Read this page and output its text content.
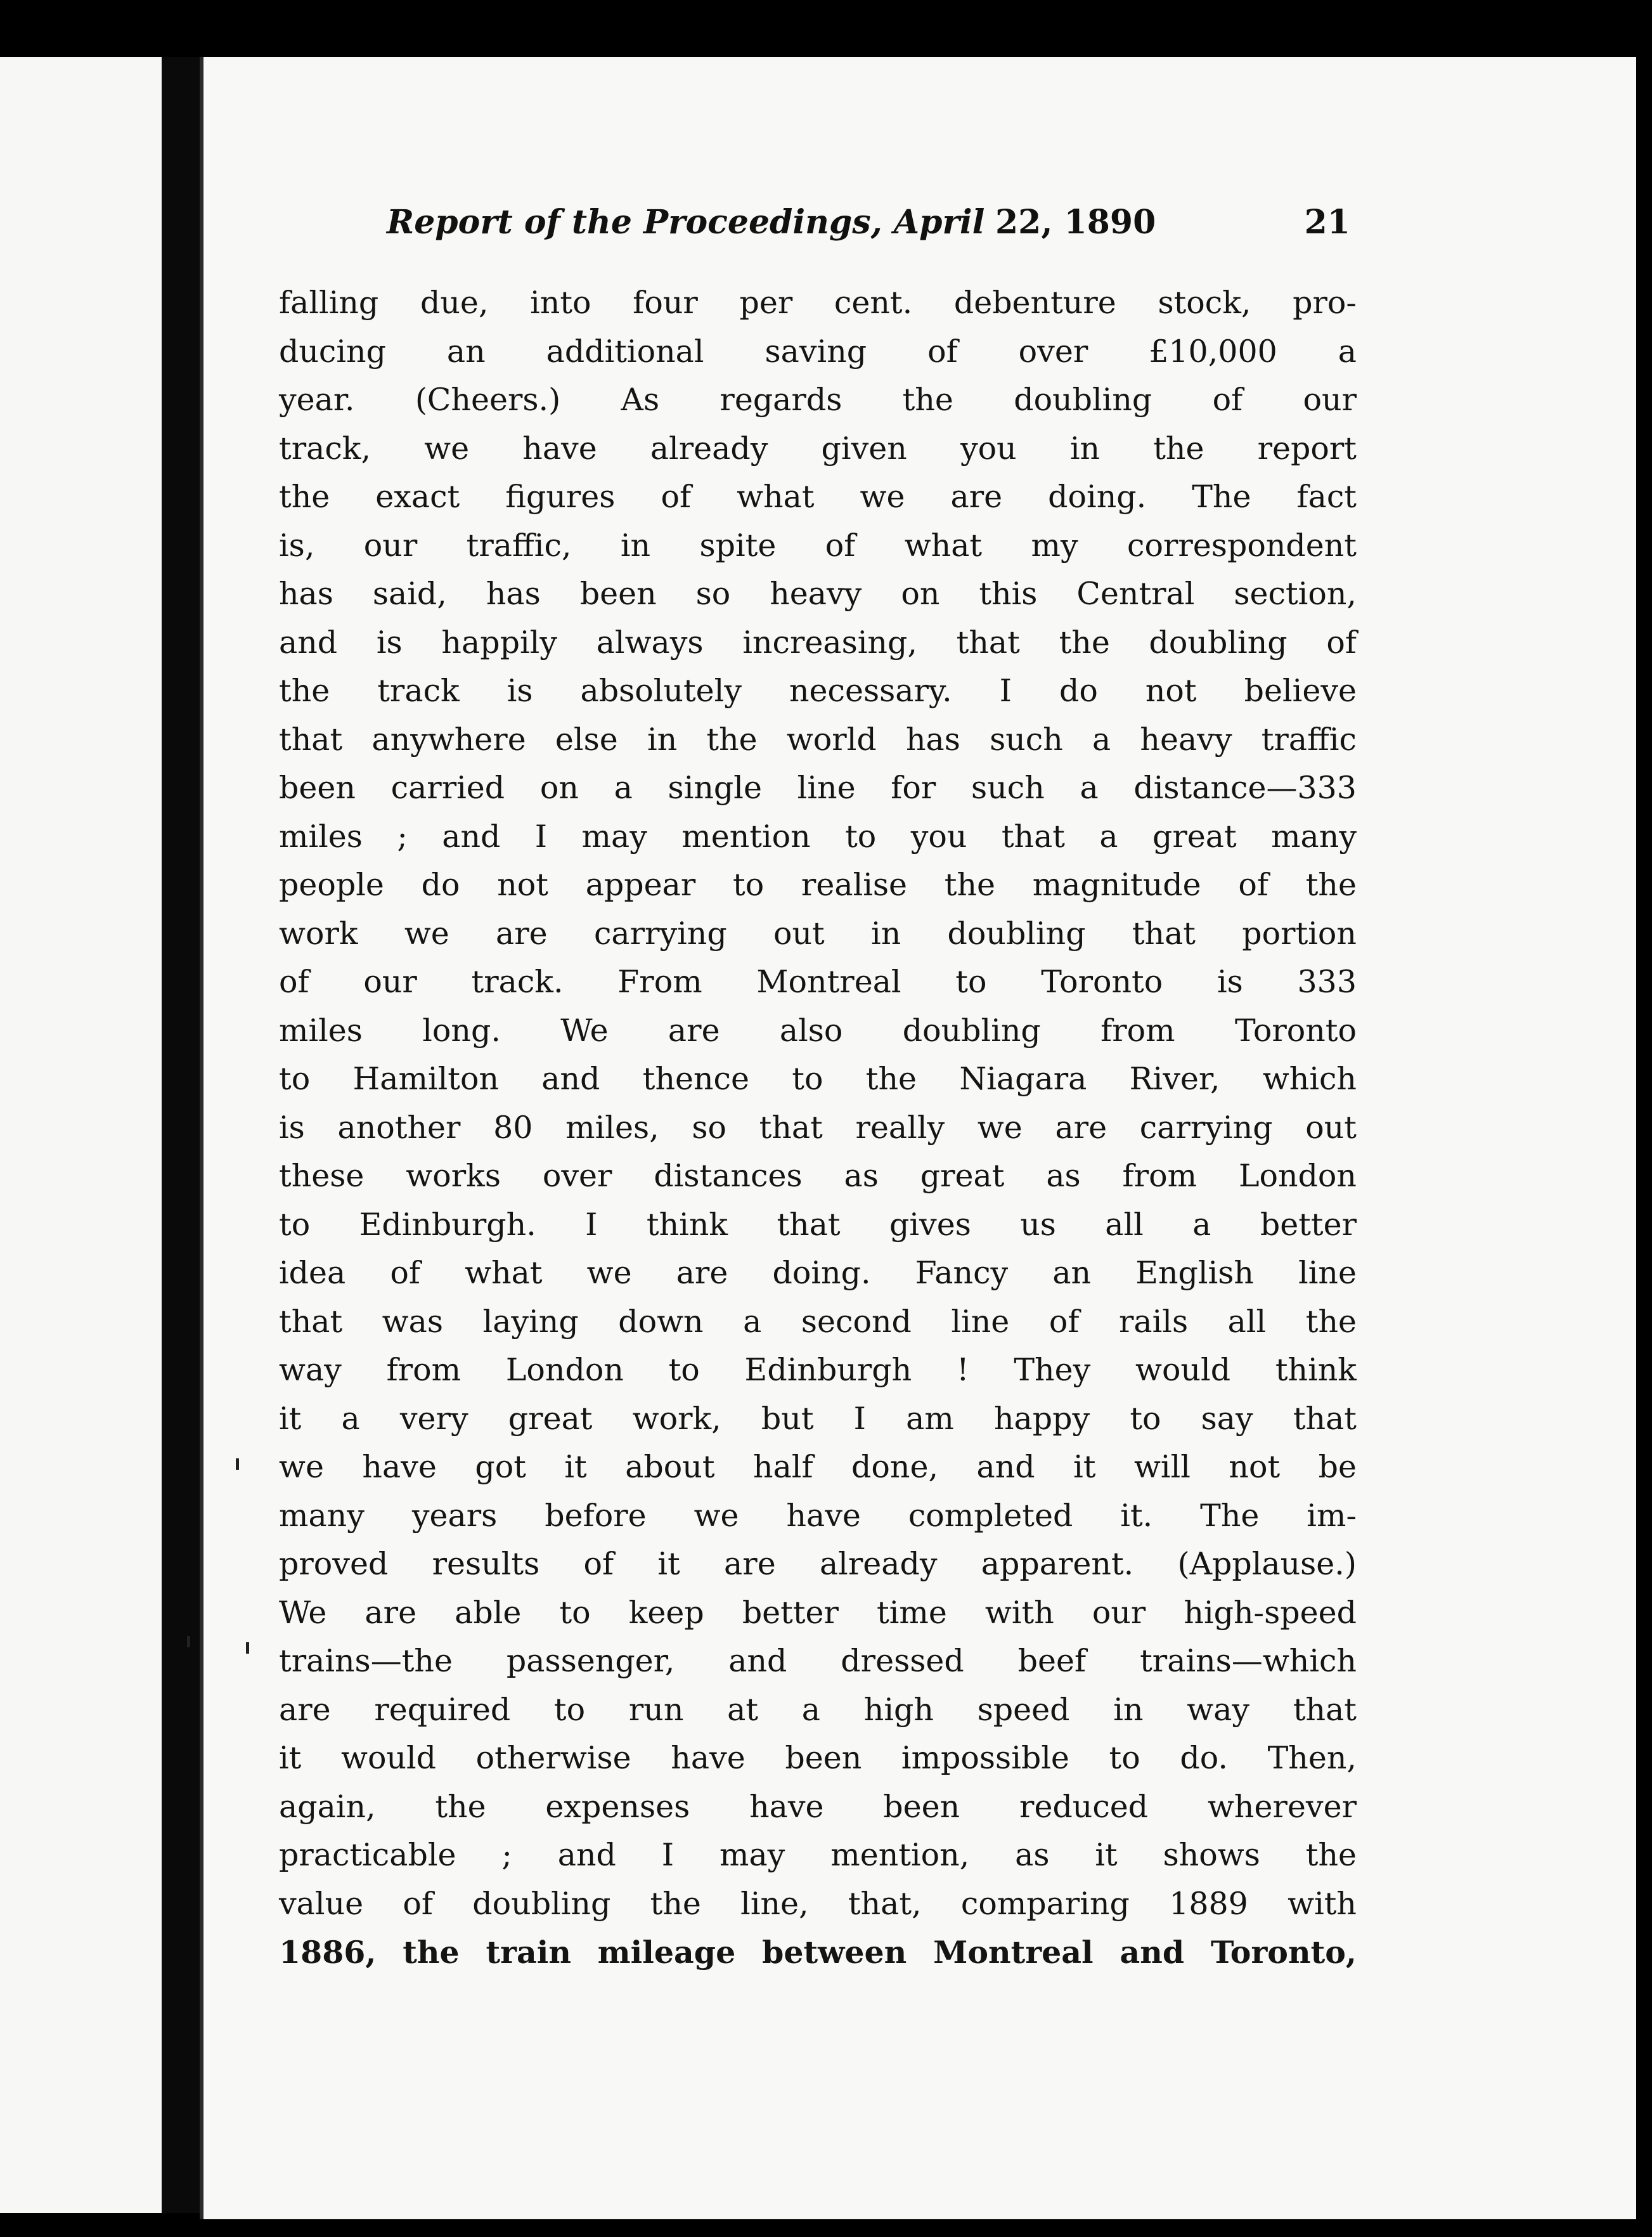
Report of the Proceedings, April 22, 1890	21
falling due, into four per cent. debenture stock, pro-
ducing an additional saving of over £10,000 a
year. (Cheers.) As regards the doubling of our
track, we have already given you in the report
the exact figures of what we are doing. The fact
is, our traffic, in spite of what my correspondent
has said, has been so heavy on this Central section,
and is happily always increasing, that the doubling of
the track is absolutely necessary. I do not believe
that anywhere else in the world has such a heavy traffic
been carried on a single line for such a distance—333
miles ; and I may mention to you that a great many
people do not appear to realise the magnitude of the
work we are carrying out in doubling that portion
of our track. From Montreal to Toronto is 333
miles long. We are also doubling from Toronto
to Hamilton and thence to the Niagara River, which
is another 80 miles, so that really we are carrying out
these works over distances as great as from London
to Edinburgh. I think that gives us all a better
idea of what we are doing. Fancy an English line
that was laying down a second line of rails all the
way from London to Edinburgh ! They would think
it a very great work, but I am happy to say that
we have got it about half done, and it will not be
many years before we have completed it. The im-
proved results of it are already apparent. (Applause.)
We are able to keep better time with our high-speed
trains—the passenger, and dressed beef trains—which
are required to run at a high speed in way that
it would otherwise have been impossible to do. Then,
again, the expenses have been reduced wherever
practicable ; and I may mention, as it shows the
value of doubling the line, that, comparing 1889 with
1886, the train mileage between Montreal and Toronto,
